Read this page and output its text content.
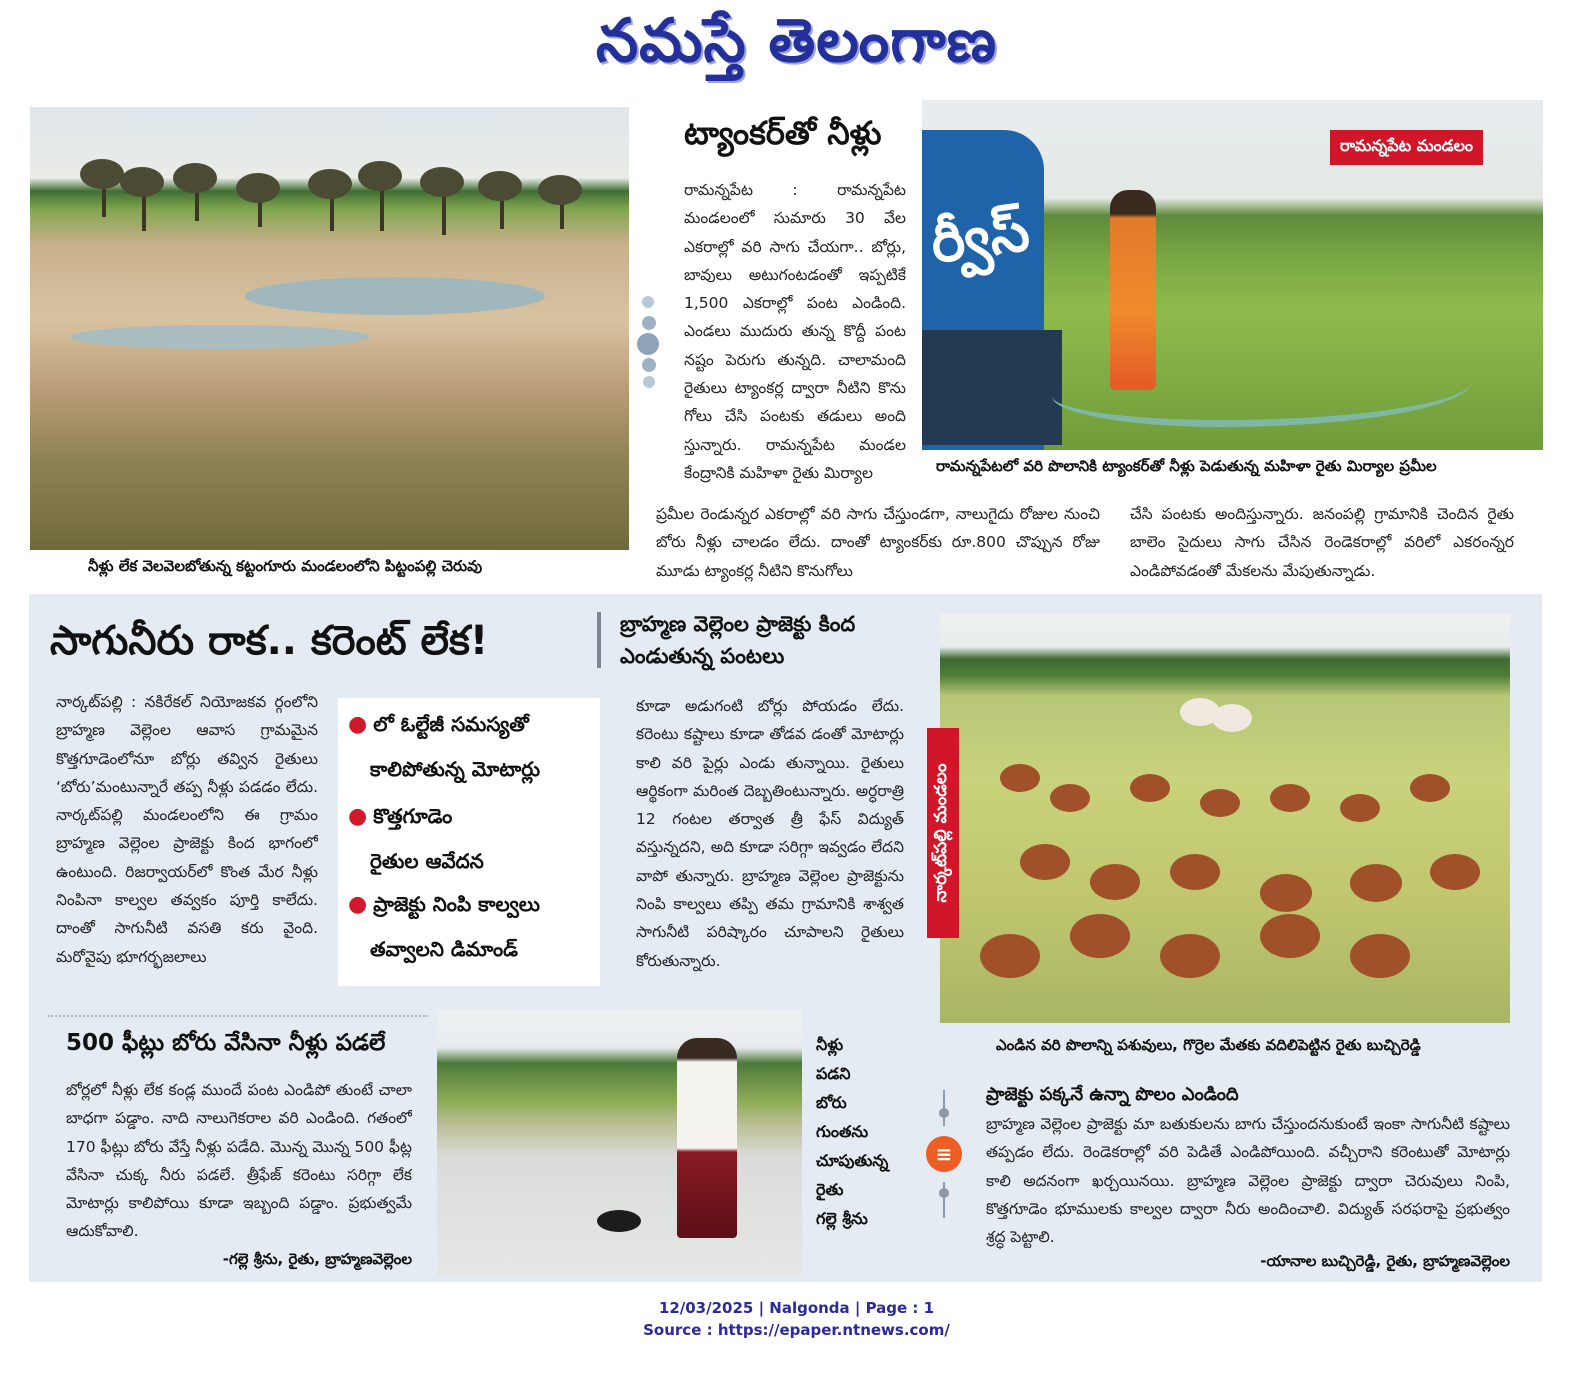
నమస్తే తెలంగాణ
నీళ్లు లేక వెలవెలబోతున్న కట్టంగూరు మండలంలోని పిట్టంపల్లి చెరువు
ట్యాంకర్‌తో నీళ్లు
రామన్నపేట : రామన్నపేట మండలంలో సుమారు 30 వేల ఎకరాల్లో వరి సాగు చేయగా.. బోర్లు, బావులు అటుగంటడంతో ఇప్పటికే 1,500 ఎకరాల్లో పంట ఎండింది. ఎండలు ముదురు తున్న కొద్దీ పంట నష్టం పెరుగు తున్నది. చాలామంది రైతులు ట్యాంకర్ల ద్వారా నీటిని కొను గోలు చేసి పంటకు తడులు అంది స్తున్నారు. రామన్నపేట మండల కేంద్రానికి మహిళా రైతు మిర్యాల
ప్రమీల రెండున్నర ఎకరాల్లో వరి సాగు చేస్తుండగా, నాలుగైదు రోజుల నుంచి బోరు నీళ్లు చాలడం లేదు. దాంతో ట్యాంకర్‌కు రూ.800 చొప్పున రోజు మూడు ట్యాంకర్ల నీటిని కొనుగోలు
చేసి పంటకు అందిస్తున్నారు. జనంపల్లి గ్రామానికి చెందిన రైతు బాలెం సైదులు సాగు చేసిన రెండెకరాల్లో వరిలో ఎకరంన్నర ఎండిపోవడంతో మేకలను మేపుతున్నాడు.
ర్వీస్
రామన్నపేట మండలం
రామన్నపేటలో వరి పొలానికి ట్యాంకర్‌తో నీళ్లు పెడుతున్న మహిళా రైతు మిర్యాల ప్రమీల
సాగునీరు రాక.. కరెంట్ లేక!	బ్రాహ్మణ వెల్లెంల ప్రాజెక్టు కింద ఎండుతున్న పంటలు
నార్కట్‌పల్లి : నకిరేకల్ నియోజకవ ర్గంలోని బ్రాహ్మణ వెల్లెంల ఆవాస గ్రామమైన కొత్తగూడెంలోనూ బోర్లు తవ్విన రైతులు ‘బోరు’మంటున్నారే తప్ప నీళ్లు పడడం లేదు. నార్కట్‌పల్లి మండలంలోని ఈ గ్రామం బ్రాహ్మణ వెల్లెంల ప్రాజెక్టు కింద భాగంలో ఉంటుంది. రిజర్వాయర్‌లో కొంత మేర నీళ్లు నింపినా కాల్వల తవ్వకం పూర్తి కాలేదు. దాంతో సాగునీటి వసతి కరు వైంది. మరోవైపు భూగర్భజలాలు
● లో ఓల్టేజీ సమస్యతో
కాలిపోతున్న మోటార్లు
● కొత్తగూడెం
రైతుల ఆవేదన
● ప్రాజెక్టు నింపి కాల్వలు
తవ్వాలని డిమాండ్
కూడా అడుగంటి బోర్లు పోయడం లేదు. కరెంటు కష్టాలు కూడా తోడవ డంతో మోటార్లు కాలి వరి పైర్లు ఎండు తున్నాయి. రైతులు ఆర్థికంగా మరింత దెబ్బతింటున్నారు. అర్ధరాత్రి 12 గంటల తర్వాత త్రీ ఫేస్ విద్యుత్ వస్తున్నదని, అది కూడా సరిగ్గా ఇవ్వడం లేదని వాపో తున్నారు. బ్రాహ్మణ వెల్లెంల ప్రాజెక్టును నింపి కాల్వలు తప్పి తమ గ్రామానికి శాశ్వత సాగునీటి పరిష్కారం చూపాలని రైతులు కోరుతున్నారు.
నార్కట్‌పల్లి మండలం
ఎండిన వరి పొలాన్ని పశువులు, గొర్రెల మేతకు వదిలిపెట్టిన రైతు బుచ్చిరెడ్డి
500 ఫీట్లు బోరు వేసినా నీళ్లు పడలే
బోర్లలో నీళ్లు లేక కండ్ల ముందే పంట ఎండిపో తుంటే చాలా బాధగా పడ్డాం. నాది నాలుగెకరాల వరి ఎండింది. గతంలో 170 ఫీట్లు బోరు వేస్తే నీళ్లు పడేది. మొన్న మొన్న 500 ఫీట్ల వేసినా చుక్క నీరు పడలే. త్రీఫేజ్ కరెంటు సరిగ్గా లేక మోటార్లు కాలిపోయి కూడా ఇబ్బంది పడ్డాం. ప్రభుత్వమే ఆదుకోవాలి.
-గల్లె శ్రీను, రైతు, బ్రాహ్మణవెల్లెంల
నీళ్లు
పడని
బోరు
గుంతను
చూపుతున్న
రైతు
గల్లె శ్రీను
≡
ప్రాజెక్టు పక్కనే ఉన్నా పొలం ఎండింది
బ్రాహ్మణ వెల్లెంల ప్రాజెక్టు మా బతుకులను బాగు చేస్తుందనుకుంటే ఇంకా సాగునీటి కష్టాలు తప్పడం లేదు. రెండెకరాల్లో వరి పెడితే ఎండిపోయింది. వచ్చీరాని కరెంటుతో మోటార్లు కాలి అదనంగా ఖర్చయినయి. బ్రాహ్మణ వెల్లెంల ప్రాజెక్టు ద్వారా చెరువులు నింపి, కొత్తగూడెం భూములకు కాల్వల ద్వారా నీరు అందించాలి. విద్యుత్ సరఫరాపై ప్రభుత్వం శ్రద్ధ పెట్టాలి.
-యానాల బుచ్చిరెడ్డి, రైతు, బ్రాహ్మణవెల్లెంల
12/03/2025 | Nalgonda | Page : 1
Source : https://epaper.ntnews.com/
